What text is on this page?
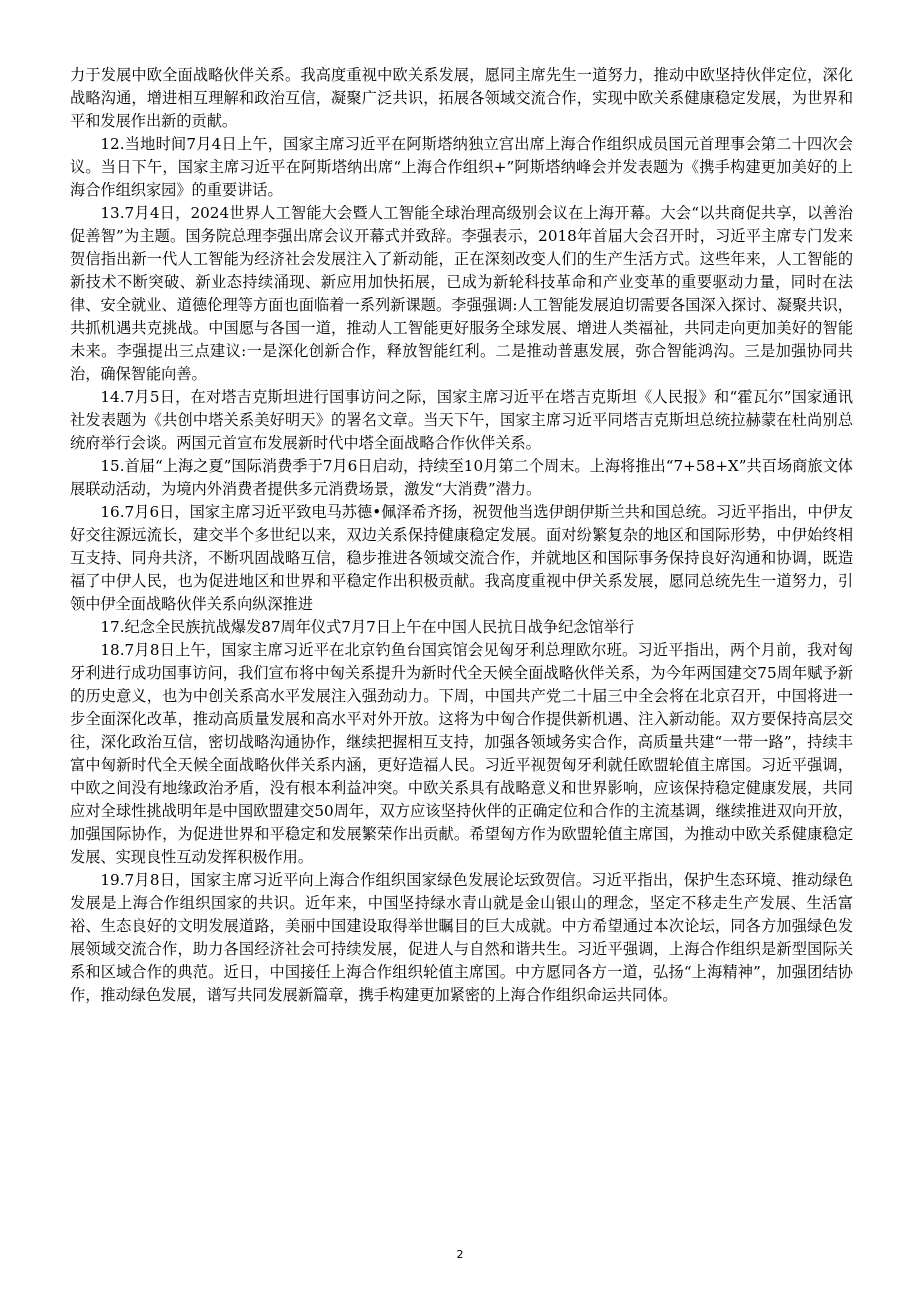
力于发展中欧全面战略伙伴关系。我高度重视中欧关系发展，愿同主席先生一道努力，推动中欧坚持伙伴定位，深化战略沟通，增进相互理解和政治互信，凝聚广泛共识，拓展各领域交流合作，实现中欧关系健康稳定发展，为世界和平和发展作出新的贡献。

12.当地时间7月4日上午，国家主席习近平在阿斯塔纳独立宫出席上海合作组织成员国元首理事会第二十四次会议。当日下午，国家主席习近平在阿斯塔纳出席“上海合作组织+”阿斯塔纳峰会并发表题为《携手构建更加美好的上海合作组织家园》的重要讲话。

13.7月4日，2024世界人工智能大会暨人工智能全球治理高级别会议在上海开幕。大会“以共商促共享，以善治促善智”为主题。国务院总理李强出席会议开幕式并致辞。李强表示，2018年首届大会召开时，习近平主席专门发来贺信指出新一代人工智能为经济社会发展注入了新动能，正在深刻改变人们的生产生活方式。这些年来，人工智能的新技术不断突破、新业态持续涌现、新应用加快拓展，已成为新轮科技革命和产业变革的重要驱动力量，同时在法律、安全就业、道德伦理等方面也面临着一系列新课题。李强强调:人工智能发展迫切需要各国深入探讨、凝聚共识，共抓机遇共克挑战。中国愿与各国一道，推动人工智能更好服务全球发展、增进人类福祉，共同走向更加美好的智能未来。李强提出三点建议:一是深化创新合作，释放智能红利。二是推动普惠发展，弥合智能鸿沟。三是加强协同共治，确保智能向善。

14.7月5日，在对塔吉克斯坦进行国事访问之际，国家主席习近平在塔吉克斯坦《人民报》和“霍瓦尔”国家通讯社发表题为《共创中塔关系美好明天》的署名文章。当天下午，国家主席习近平同塔吉克斯坦总统拉赫蒙在杜尚别总统府举行会谈。两国元首宣布发展新时代中塔全面战略合作伙伴关系。

15.首届“上海之夏”国际消费季于7月6日启动，持续至10月第二个周末。上海将推出“7+58+X”共百场商旅文体展联动活动，为境内外消费者提供多元消费场景，激发“大消费”潜力。

16.7月6日，国家主席习近平致电马苏德•佩泽希齐扬，祝贺他当选伊朗伊斯兰共和国总统。习近平指出，中伊友好交往源远流长，建交半个多世纪以来，双边关系保持健康稳定发展。面对纷繁复杂的地区和国际形势，中伊始终相互支持、同舟共济，不断巩固战略互信，稳步推进各领域交流合作，并就地区和国际事务保持良好沟通和协调，既造福了中伊人民，也为促进地区和世界和平稳定作出积极贡献。我高度重视中伊关系发展，愿同总统先生一道努力，引领中伊全面战略伙伴关系向纵深推进

17.纪念全民族抗战爆发87周年仪式7月7日上午在中国人民抗日战争纪念馆举行

18.7月8日上午，国家主席习近平在北京钓鱼台国宾馆会见匈牙利总理欧尔班。习近平指出，两个月前，我对匈牙利进行成功国事访问，我们宣布将中匈关系提升为新时代全天候全面战略伙伴关系，为今年两国建交75周年赋予新的历史意义，也为中创关系高水平发展注入强劲动力。下周，中国共产党二十届三中全会将在北京召开，中国将进一步全面深化改革，推动高质量发展和高水平对外开放。这将为中匈合作提供新机遇、注入新动能。双方要保持高层交往，深化政治互信，密切战略沟通协作，继续把握相互支持，加强各领域务实合作，高质量共建“一带一路”，持续丰富中匈新时代全天候全面战略伙伴关系内涵，更好造福人民。习近平视贺匈牙利就任欧盟轮值主席国。习近平强调，中欧之间没有地缘政治矛盾，没有根本利益冲突。中欧关系具有战略意义和世界影响，应该保持稳定健康发展，共同应对全球性挑战明年是中国欧盟建交50周年，双方应该坚持伙伴的正确定位和合作的主流基调，继续推进双向开放，加强国际协作，为促进世界和平稳定和发展繁荣作出贡献。希望匈方作为欧盟轮值主席国，为推动中欧关系健康稳定发展、实现良性互动发挥积极作用。

19.7月8日，国家主席习近平向上海合作组织国家绿色发展论坛致贺信。习近平指出，保护生态环境、推动绿色发展是上海合作组织国家的共识。近年来，中国坚持绿水青山就是金山银山的理念，坚定不移走生产发展、生活富裕、生态良好的文明发展道路，美丽中国建设取得举世瞩目的巨大成就。中方希望通过本次论坛，同各方加强绿色发展领域交流合作，助力各国经济社会可持续发展，促进人与自然和谐共生。习近平强调，上海合作组织是新型国际关系和区域合作的典范。近日，中国接任上海合作组织轮值主席国。中方愿同各方一道，弘扬“上海精神”，加强团结协作，推动绿色发展，谱写共同发展新篇章，携手构建更加紧密的上海合作组织命运共同体。

2
